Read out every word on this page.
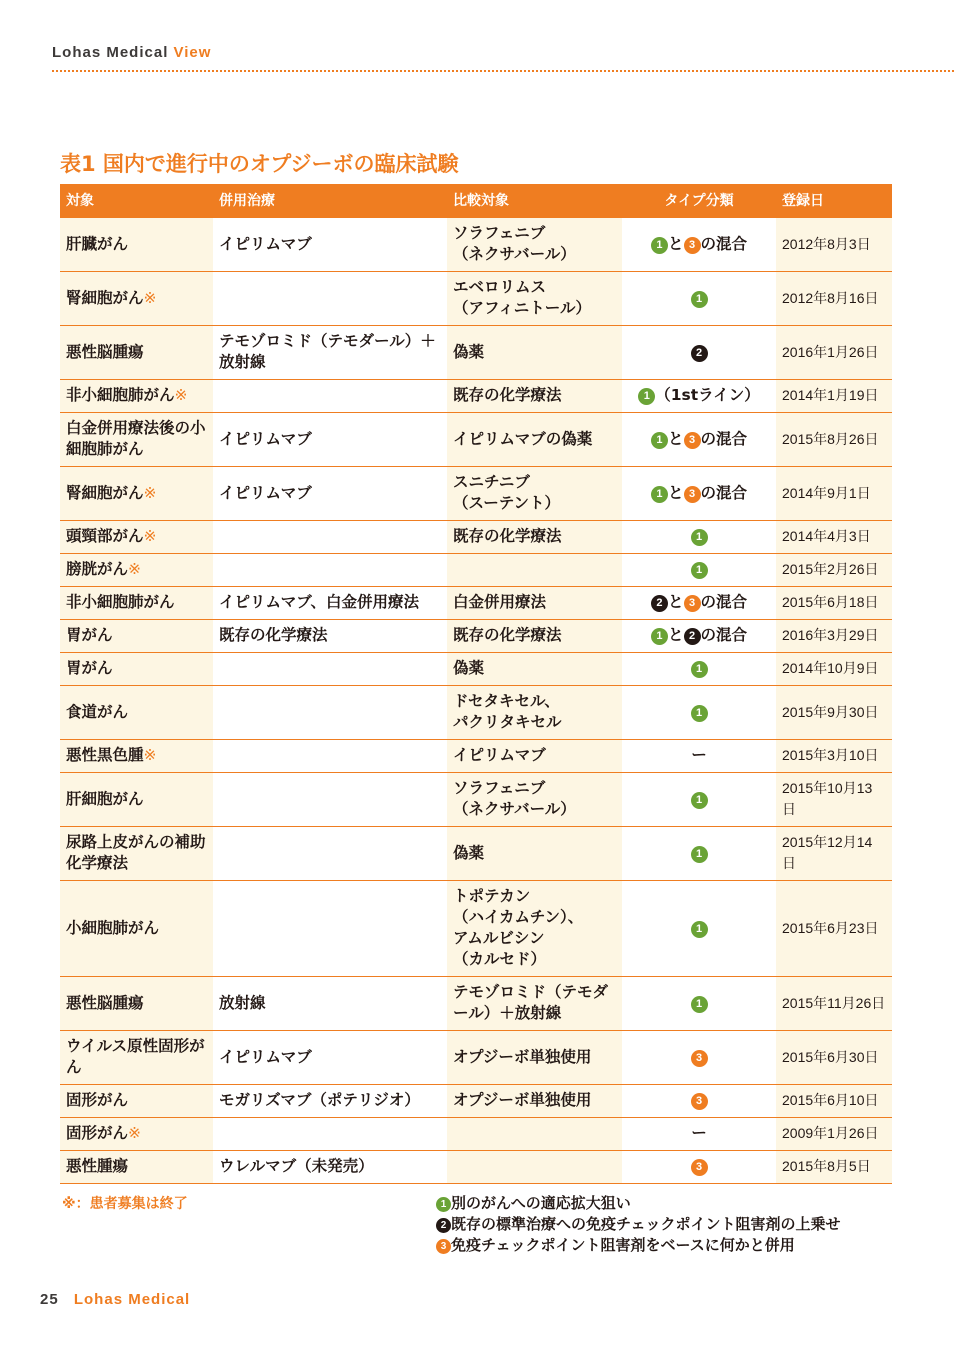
Lohas Medical View
表1 国内で進行中のオプジーボの臨床試験
対象	併用治療	比較対象	タイプ分類	登録日
肝臓がん	イピリムマブ	ソラフェニブ
（ネクサバール）	1 と 3 の混合	2012年8月3日
腎細胞がん※		エベロリムス
（アフィニトール）	1	2012年8月16日
悪性脳腫瘍	テモゾロミド（テモダール）＋放射線	偽薬	2	2016年1月26日
非小細胞肺がん※		既存の化学療法	1 （1stライン）	2014年1月19日
白金併用療法後の小細胞肺がん	イピリムマブ	イピリムマブの偽薬	1 と 3 の混合	2015年8月26日
腎細胞がん※	イピリムマブ	スニチニブ
（スーテント）	1 と 3 の混合	2014年9月1日
頭頸部がん※		既存の化学療法	1	2014年4月3日
膀胱がん※			1	2015年2月26日
非小細胞肺がん	イピリムマブ、白金併用療法	白金併用療法	2 と 3 の混合	2015年6月18日
胃がん	既存の化学療法	既存の化学療法	1 と 2 の混合	2016年3月29日
胃がん		偽薬	1	2014年10月9日
食道がん		ドセタキセル、
パクリタキセル	1	2015年9月30日
悪性黒色腫※		イピリムマブ	ー	2015年3月10日
肝細胞がん		ソラフェニブ
（ネクサバール）	1	2015年10月13日
尿路上皮がんの補助化学療法		偽薬	1	2015年12月14日
小細胞肺がん		トポテカン
（ハイカムチン）、
アムルビシン
（カルセド）	1	2015年6月23日
悪性脳腫瘍	放射線	テモゾロミド（テモダ
ール）＋放射線	1	2015年11月26日
ウイルス原性固形がん	イピリムマブ	オプジーボ単独使用	3	2015年6月30日
固形がん	モガリズマブ（ポテリジオ）	オプジーボ単独使用	3	2015年6月10日
固形がん※			ー	2009年1月26日
悪性腫瘍	ウレルマブ（未発売）		3	2015年8月5日
※：患者募集は終了	1 別のがんへの適応拡大狙い
2 既存の標準治療への免疫チェックポイント阻害剤の上乗せ
3 免疫チェックポイント阻害剤をベースに何かと併用
25 Lohas Medical
